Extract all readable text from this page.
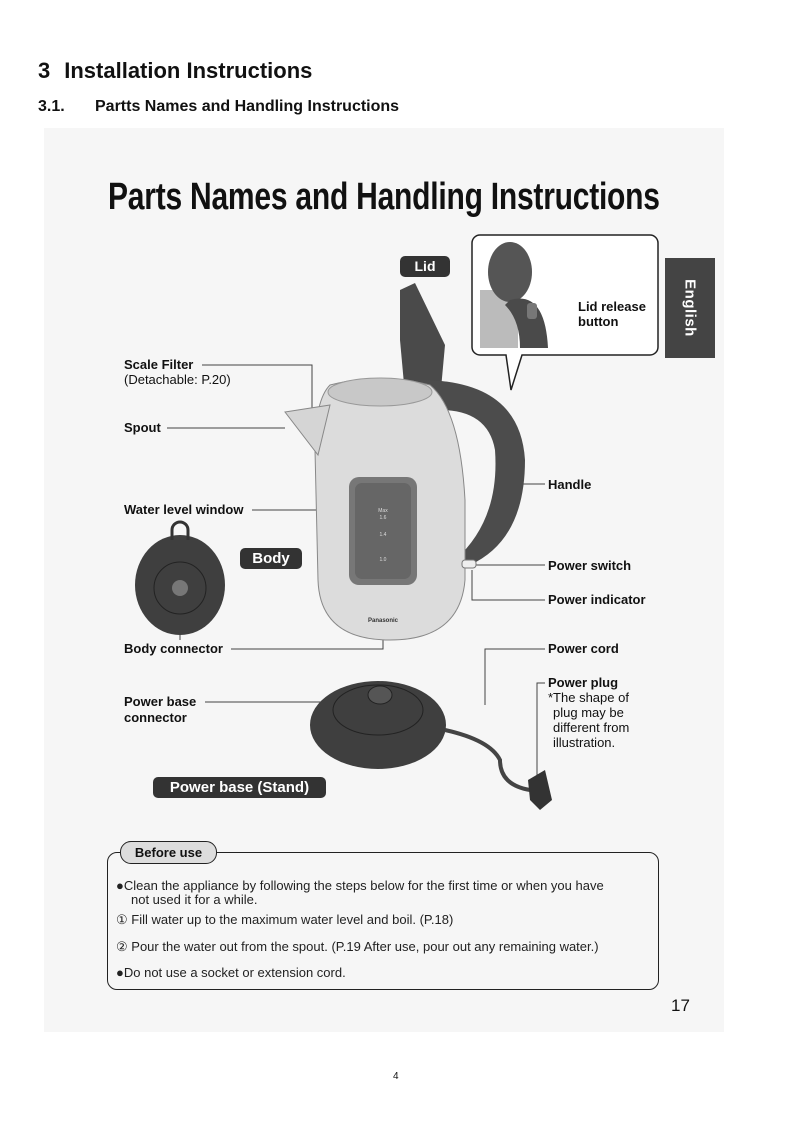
3 Installation Instructions
3.1. Partts Names and Handling Instructions
Max
1.6
1.4
1.0
Panasonic
Parts Names and Handling Instructions
English
Lid
Body
Power base (Stand)
Lid release
button
Scale Filter
(Detachable: P.20)
Spout
Water level window
Body connector
Power base
connector
Handle
Power switch
Power indicator
Power cord
Power plug
*The shape of
plug may be
different from
illustration.
Before use
●Clean the appliance by following the steps below for the first time or when you have
not used it for a while.
① Fill water up to the maximum water level and boil. (P.18)
② Pour the water out from the spout. (P.19 After use, pour out any remaining water.)
●Do not use a socket or extension cord.
17
4
